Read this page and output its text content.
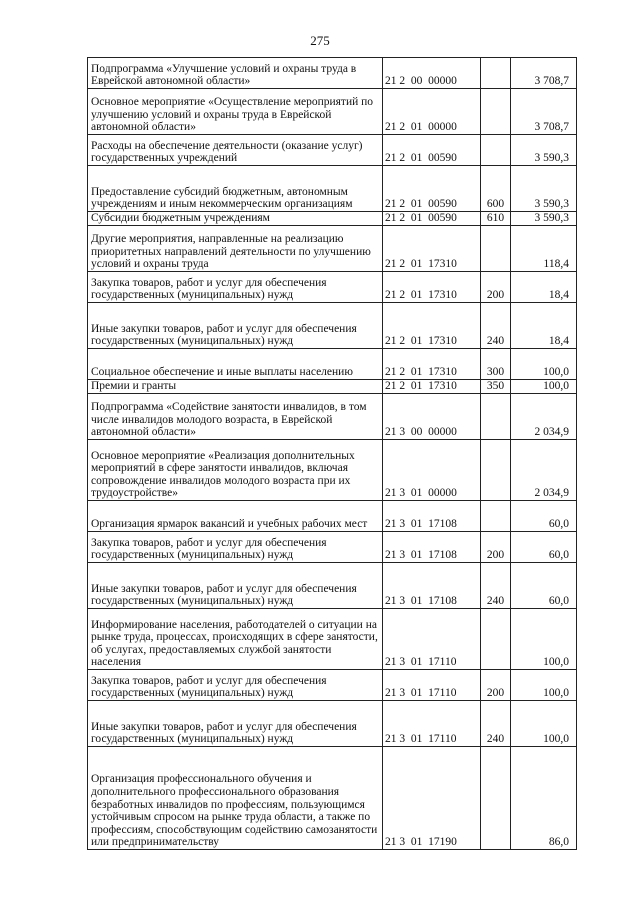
275
Подпрограмма «Улучшение условий и охраны труда в Еврейской автономной области»	21 2  00  00000		3 708,7
Основное мероприятие «Осуществление мероприятий по улучшению условий и охраны труда в Еврейской автономной области»	21 2  01  00000		3 708,7
Расходы на обеспечение деятельности (оказание услуг) государственных учреждений	21 2  01  00590		3 590,3
Предоставление субсидий бюджетным, автономным учреждениям и иным некоммерческим организациям	21 2  01  00590	600	3 590,3
Субсидии бюджетным учреждениям	21 2  01  00590	610	3 590,3
Другие мероприятия, направленные на реализацию приоритетных направлений деятельности по улучшению условий и охраны труда	21 2  01  17310		118,4
Закупка товаров, работ и услуг для обеспечения государственных (муниципальных) нужд	21 2  01  17310	200	18,4
Иные закупки товаров, работ и услуг для обеспечения государственных (муниципальных) нужд	21 2  01  17310	240	18,4
Социальное обеспечение и иные выплаты населению	21 2  01  17310	300	100,0
Премии и гранты	21 2  01  17310	350	100,0
Подпрограмма «Содействие занятости инвалидов, в том числе инвалидов молодого возраста, в Еврейской автономной области»	21 3  00  00000		2 034,9
Основное мероприятие «Реализация дополнительных мероприятий в сфере занятости инвалидов, включая сопровождение инвалидов молодого возраста при их трудоустройстве»	21 3  01  00000		2 034,9
Организация ярмарок вакансий и учебных рабочих мест	21 3  01  17108		60,0
Закупка товаров, работ и услуг для обеспечения государственных (муниципальных) нужд	21 3  01  17108	200	60,0
Иные закупки товаров, работ и услуг для обеспечения государственных (муниципальных) нужд	21 3  01  17108	240	60,0
Информирование населения, работодателей о ситуации на рынке труда, процессах, происходящих в сфере занятости, об услугах, предоставляемых службой занятости населения	21 3  01  17110		100,0
Закупка товаров, работ и услуг для обеспечения государственных (муниципальных) нужд	21 3  01  17110	200	100,0
Иные закупки товаров, работ и услуг для обеспечения государственных (муниципальных) нужд	21 3  01  17110	240	100,0
Организация профессионального обучения и дополнительного профессионального образования безработных инвалидов по профессиям, пользующимся устойчивым спросом на рынке труда области, а также по профессиям, способствующим содействию самозанятости или предпринимательству	21 3  01  17190		86,0
